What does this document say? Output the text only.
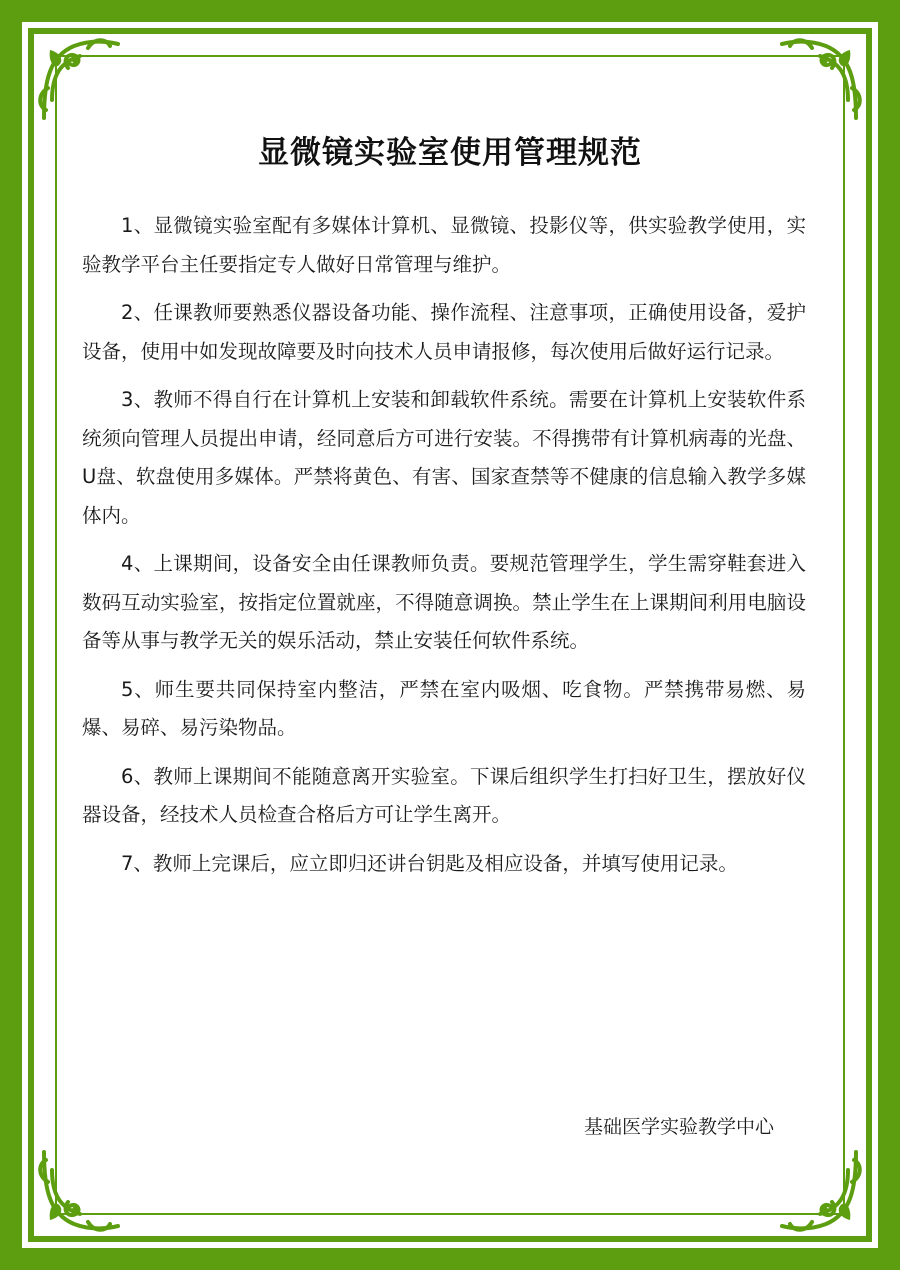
显微镜实验室使用管理规范

1、显微镜实验室配有多媒体计算机、显微镜、投影仪等，供实验教学使用，实验教学平台主任要指定专人做好日常管理与维护。

2、任课教师要熟悉仪器设备功能、操作流程、注意事项，正确使用设备，爱护设备，使用中如发现故障要及时向技术人员申请报修，每次使用后做好运行记录。

3、教师不得自行在计算机上安装和卸载软件系统。需要在计算机上安装软件系统须向管理人员提出申请，经同意后方可进行安装。不得携带有计算机病毒的光盘、U盘、软盘使用多媒体。严禁将黄色、有害、国家查禁等不健康的信息输入教学多媒体内。

4、上课期间，设备安全由任课教师负责。要规范管理学生，学生需穿鞋套进入数码互动实验室，按指定位置就座，不得随意调换。禁止学生在上课期间利用电脑设备等从事与教学无关的娱乐活动，禁止安装任何软件系统。

5、师生要共同保持室内整洁，严禁在室内吸烟、吃食物。严禁携带易燃、易爆、易碎、易污染物品。

6、教师上课期间不能随意离开实验室。下课后组织学生打扫好卫生，摆放好仪器设备，经技术人员检查合格后方可让学生离开。

7、教师上完课后，应立即归还讲台钥匙及相应设备，并填写使用记录。

基础医学实验教学中心
